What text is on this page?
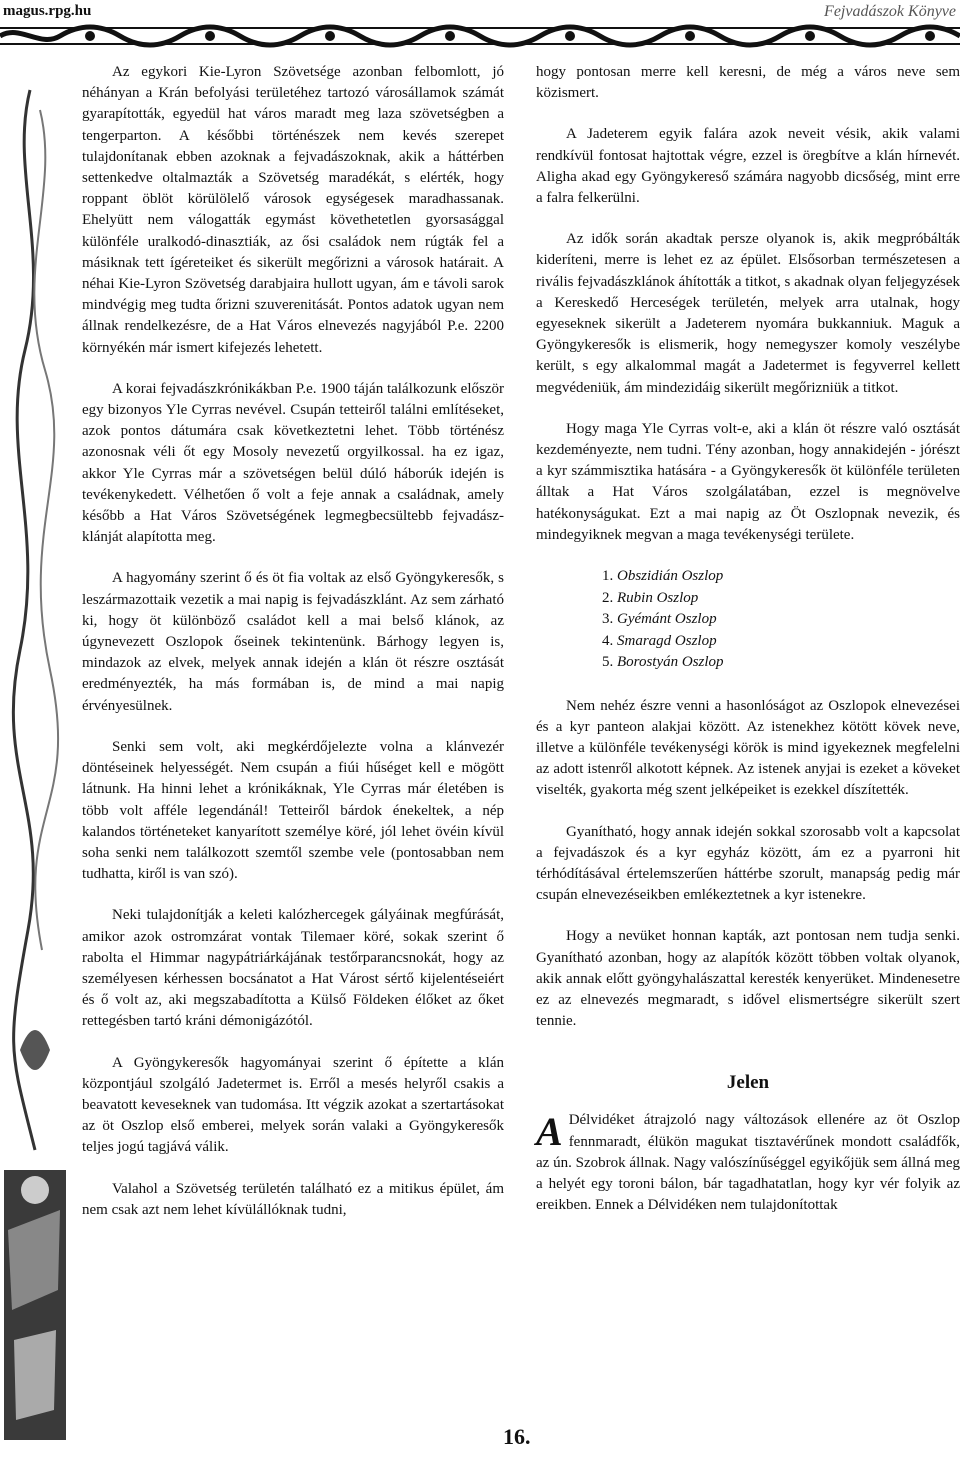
magus.rpg.hu	Fejvadászok Könyve

Az egykori Kie-Lyron Szövetsége azonban felbomlott, jó néhányan a Krán befolyási területéhez tartozó városállamok számát gyarapították, egyedül hat város maradt meg laza szövetségben a tengerparton. A későbbi történészek nem kevés szerepet tulajdonítanak ebben azoknak a fejvadászoknak, akik a háttérben settenkedve oltalmazták a Szövetség maradékát, s elérték, hogy roppant öblöt körülölelő városok egységesek maradhassanak. Ehelyütt nem válogatták egymást követhetetlen gyorsasággal különféle uralkodó-dinasztiák, az ősi családok nem rúgták fel a másiknak tett ígéreteiket és sikerült megőrizni a városok határait. A néhai Kie-Lyron Szövetség darabjaira hullott ugyan, ám e távoli sarok mindvégig meg tudta őrizni szuverenitását. Pontos adatok ugyan nem állnak rendelkezésre, de a Hat Város elnevezés nagyjából P.e. 2200 környékén már ismert kifejezés lehetett.

A korai fejvadászkrónikákban P.e. 1900 táján találkozunk először egy bizonyos Yle Cyrras nevével. Csupán tetteiről találni említéseket, azok pontos dátumára csak következtetni lehet. Több történész azonosnak véli őt egy Mosoly nevezetű orgyilkossal. ha ez igaz, akkor Yle Cyrras már a szövetségen belül dúló háborúk idején is tevékenykedett. Vélhetően ő volt a feje annak a családnak, amely később a Hat Város Szövetségének legmegbecsültebb fejvadász-klánját alapította meg.

A hagyomány szerint ő és öt fia voltak az első Gyöngykeresők, s leszármazottaik vezetik a mai napig is fejvadászklánt. Az sem zárható ki, hogy öt különböző családot kell a mai belső klánok, az úgynevezett Oszlopok őseinek tekintenünk. Bárhogy legyen is, mindazok az elvek, melyek annak idején a klán öt részre osztását eredményezték, ha más formában is, de mind a mai napig érvényesülnek.

Senki sem volt, aki megkérdőjelezte volna a klánvezér döntéseinek helyességét. Nem csupán a fiúi hűséget kell e mögött látnunk. Ha hinni lehet a krónikáknak, Yle Cyrras már életében is több volt afféle legendánál! Tetteiről bárdok énekeltek, a nép kalandos történeteket kanyarított személye köré, jól lehet övéin kívül soha senki nem találkozott szemtől szembe vele (pontosabban nem tudhatta, kiről is van szó).

Neki tulajdonítják a keleti kalózhercegek gályáinak megfúrását, amikor azok ostromzárat vontak Tilemaer köré, sokak szerint ő rabolta el Himmar nagypátriárkájának testőrparancsnokát, hogy az személyesen kérhessen bocsánatot a Hat Várost sértő kijelentéseiért és ő volt az, aki megszabadította a Külső Földeken élőket az őket rettegésben tartó kráni démonigázótól.

A Gyöngykeresők hagyományai szerint ő építette a klán központjául szolgáló Jadetermet is. Erről a mesés helyről csakis a beavatott keveseknek van tudomása. Itt végzik azokat a szertartásokat az öt Oszlop első emberei, melyek során valaki a Gyöngykeresők teljes jogú tagjává válik.

Valahol a Szövetség területén található ez a mitikus épület, ám nem csak azt nem lehet kívülállóknak tudni,

hogy pontosan merre kell keresni, de még a város neve sem közismert.

A Jadeterem egyik falára azok neveit vésik, akik valami rendkívül fontosat hajtottak végre, ezzel is öregbítve a klán hírnevét. Aligha akad egy Gyöngykereső számára nagyobb dicsőség, mint erre a falra felkerülni.

Az idők során akadtak persze olyanok is, akik megpróbálták kideríteni, merre is lehet ez az épület. Elsősorban természetesen a rivális fejvadászklánok áhították a titkot, s akadnak olyan feljegyzések a Kereskedő Herceségek területén, melyek arra utalnak, hogy egyeseknek sikerült a Jadeterem nyomára bukkanniuk. Maguk a Gyöngykeresők is elismerik, hogy nemegyszer komoly veszélybe került, s egy alkalommal magát a Jadetermet is fegyverrel kellett megvédeniük, ám mindezidáig sikerült megőrizniük a titkot.

Hogy maga Yle Cyrras volt-e, aki a klán öt részre való osztását kezdeményezte, nem tudni. Tény azonban, hogy annakidején - jórészt a kyr számmisztika hatására - a Gyöngykeresők öt különféle területen álltak a Hat Város szolgálatában, ezzel is megnövelve hatékonyságukat. Ezt a mai napig az Öt Oszlopnak nevezik, és mindegyiknek megvan a maga tevékenységi területe.

1. Obszidián Oszlop
2. Rubin Oszlop
3. Gyémánt Oszlop
4. Smaragd Oszlop
5. Borostyán Oszlop

Nem nehéz észre venni a hasonlóságot az Oszlopok elnevezései és a kyr panteon alakjai között. Az istenekhez kötött kövek neve, illetve a különféle tevékenységi körök is mind igyekeznek megfelelni az adott istenről alkotott képnek. Az istenek anyjai is ezeket a köveket viselték, gyakorta még szent jelképeiket is ezekkel díszítették.

Gyanítható, hogy annak idején sokkal szorosabb volt a kapcsolat a fejvadászok és a kyr egyház között, ám ez a pyarroni hit térhódításával értelemszerűen háttérbe szorult, manapság pedig már csupán elnevezéseikben emlékeztetnek a kyr istenekre.

Hogy a nevüket honnan kapták, azt pontosan nem tudja senki. Gyanítható azonban, hogy az alapítók között többen voltak olyanok, akik annak előtt gyöngyhalászattal keresték kenyerüket. Mindenesetre ez az elnevezés megmaradt, s idővel elismertségre sikerült szert tennie.

Jelen

A Délvidéket átrajzoló nagy változások ellenére az öt Oszlop fennmaradt, élükön magukat tisztavérűnek mondott családfők, az ún. Szobrok állnak. Nagy valószínűséggel egyikőjük sem állná meg a helyét egy toroni bálon, bár tagadhatatlan, hogy kyr vér folyik az ereikben. Ennek a Délvidéken nem tulajdonítottak

16.
